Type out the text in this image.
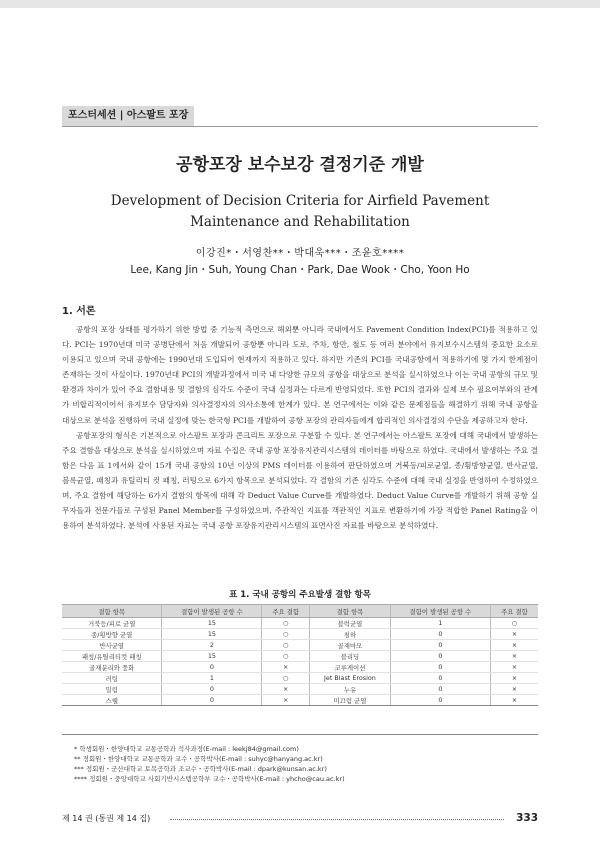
포스터세션 | 아스팔트 포장
공항포장 보수보강 결정기준 개발
Development of Decision Criteria for Airfield Pavement Maintenance and Rehabilitation
이강진*・서영찬**・박대욱***・조윤호****
Lee, Kang Jin・Suh, Young Chan・Park, Dae Wook・Cho, Yoon Ho
1. 서론

공항의 포장 상태를 평가하기 위한 방법 중 기능적 측면으로 해외뿐 아니라 국내에서도 Pavement Condition Index(PCI)를 적용하고 있다. PCI는 1970년대 미국 공병단에서 처음 개발되어 공항뿐 아니라 도로, 주차, 항만, 철도 등 여러 분야에서 유지보수시스템의 중요한 요소로 이용되고 있으며 국내 공항에는 1990년대 도입되어 현재까지 적용하고 있다. 하지만 기존의 PCI를 국내공항에서 적용하기에 몇 가지 한계점이 존재하는 것이 사실이다. 1970년대 PCI의 개발과정에서 미국 내 다양한 규모의 공항을 대상으로 분석을 실시하였으나 이는 국내 공항의 규모 및 환경과 차이가 있어 주요 결함내용 및 결함의 심각도 수준이 국내 실정과는 다르게 반영되었다. 또한 PCI의 결과와 실제 보수 필요여부와의 관계가 비합리적이어서 유지보수 담당자와 의사결정자의 의사소통에 한계가 있다. 본 연구에서는 이와 같은 문제점들을 해결하기 위해 국내 공항을 대상으로 분석을 진행하여 국내 실정에 맞는 한국형 PCI를 개발하여 공항 포장의 관리자들에게 합리적인 의사결정의 수단을 제공하고자 한다.

공항포장의 형식은 기본적으로 아스팔트 포장과 콘크리트 포장으로 구분할 수 있다. 본 연구에서는 아스팔트 포장에 대해 국내에서 발생하는 주요 결함을 대상으로 분석을 실시하였으며 자료 수집은 국내 공항 포장유지관리시스템의 데이터를 바탕으로 하였다. 국내에서 발생하는 주요 결함은 다음 표 1에서와 같이 15개 국내 공항의 10년 이상의 PMS 데이터를 이용하여 판단하였으며 거북등/피로균열, 종/횡방향균열, 반사균열, 블록균열, 패칭과 유틸리티 컷 패칭, 러팅으로 6가지 항목으로 분석되었다. 각 결함의 기존 심각도 수준에 대해 국내 실정을 반영하여 수정하였으며, 주요 결함에 해당하는 6가지 결함의 항목에 대해 각 Deduct Value Curve를 개발하였다. Deduct Value Curve를 개발하기 위해 공항 실무자들과 전문가들로 구성된 Panel Member를 구성하였으며, 주관적인 지표를 객관적인 지표로 변환하기에 가장 적합한 Panel Rating을 이용하여 분석하였다. 분석에 사용된 자료는 국내 공항 포장유지관리시스템의 표면사진 자료를 바탕으로 분석하였다.

표 1. 국내 공항의 주요발생 결함 항목
결함 항목	결함이 발생된 공항 수	주요 결함	결함 항목	결함이 발생된 공항 수	주요 결함
거북등/피로 균열	15	○	블럭균열	1	○
종/횡방향 균열	15	○	침하	0	×
반사균열	2	○	골재마모	0	×
패칭/유틸리티컷 패칭	15	○	블리딩	0	×
골재분리와 풍화	0	×	코루게이션	0	×
러팅	1	○	Jet Blast Erosion	0	×
밀림	0	×	누유	0	×
스웰	0	×	미끄럼 균열	0	×
* 학생회원・한양대학교 교통공학과 석사과정(E-mail : leekj84@gmail.com)
** 정회원・한양대학교 교통공학과 교수・공학박사(E-mail : suhyc@hanyang.ac.kr)
*** 정회원・군산대학교 토목공학과 조교수・공학박사(E-mail : dpark@kunsan.ac.kr)
**** 정회원・중앙대학교 사회기반시스템공학부 교수・공학박사(E-mail : yhcho@cau.ac.kr)
제 14 권 (통권 제 14 집)	333
